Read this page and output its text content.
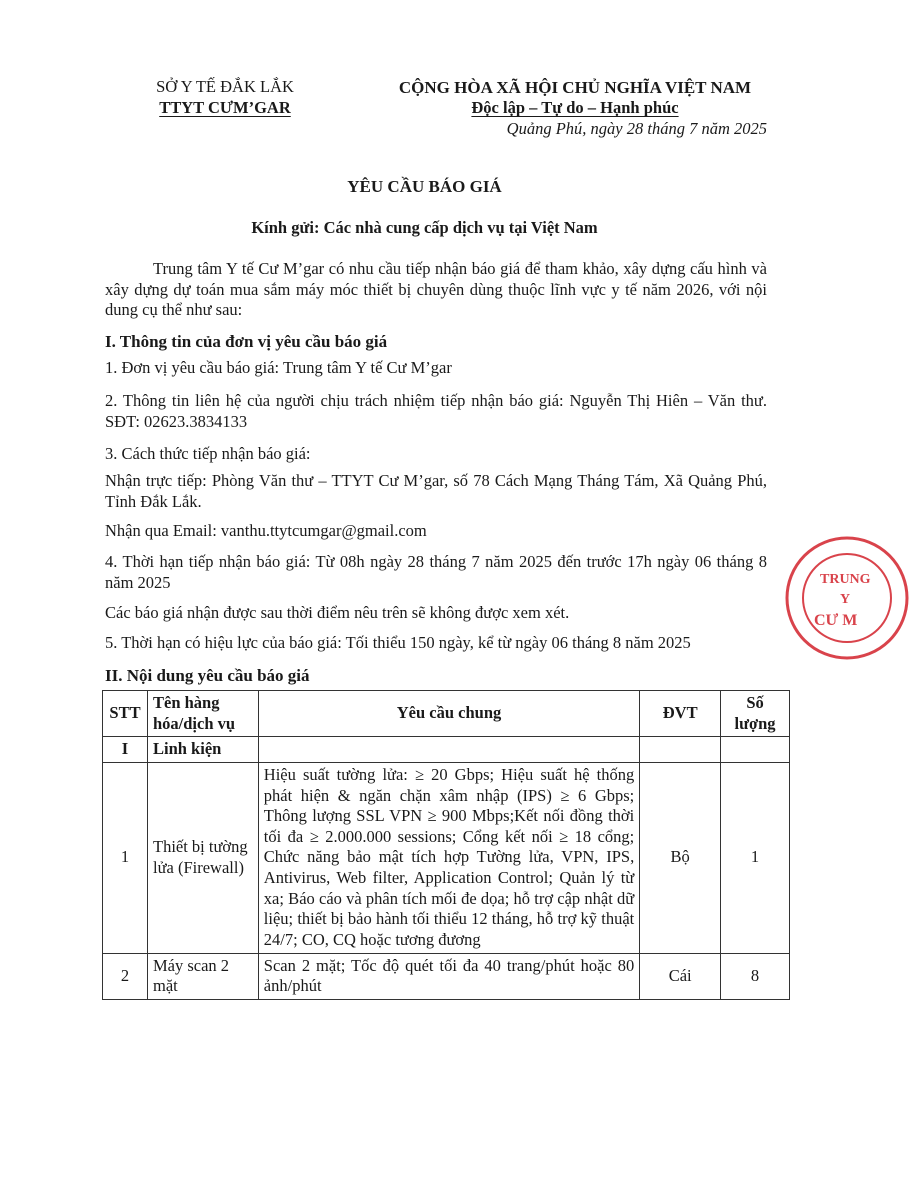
SỞ Y TẾ ĐẮK LẮK
TTYT CƯM’GAR
CỘNG HÒA XÃ HỘI CHỦ NGHĨA VIỆT NAM
Độc lập – Tự do – Hạnh phúc
Quảng Phú, ngày 28 tháng 7 năm 2025
YÊU CẦU BÁO GIÁ
Kính gửi: Các nhà cung cấp dịch vụ tại Việt Nam
Trung tâm Y tế Cư M’gar có nhu cầu tiếp nhận báo giá để tham khảo, xây dựng cấu hình và xây dựng dự toán mua sắm máy móc thiết bị chuyên dùng thuộc lĩnh vực y tế năm 2026, với nội dung cụ thể như sau:
I. Thông tin của đơn vị yêu cầu báo giá
1. Đơn vị yêu cầu báo giá: Trung tâm Y tế Cư M’gar
2. Thông tin liên hệ của người chịu trách nhiệm tiếp nhận báo giá: Nguyễn Thị Hiên – Văn thư. SĐT: 02623.3834133
3. Cách thức tiếp nhận báo giá:
Nhận trực tiếp: Phòng Văn thư – TTYT Cư M’gar, số 78 Cách Mạng Tháng Tám, Xã Quảng Phú, Tỉnh Đắk Lắk.
Nhận qua Email: vanthu.ttytcumgar@gmail.com
4. Thời hạn tiếp nhận báo giá: Từ 08h ngày 28 tháng 7 năm 2025 đến trước 17h ngày 06 tháng 8 năm 2025
Các báo giá nhận được sau thời điểm nêu trên sẽ không được xem xét.
5. Thời hạn có hiệu lực của báo giá: Tối thiểu 150 ngày, kể từ ngày 06 tháng 8 năm 2025
II. Nội dung yêu cầu báo giá
STT	Tên hàng hóa/dịch vụ	Yêu cầu chung	ĐVT	Số lượng
I	Linh kiện			
1	Thiết bị tường lửa (Firewall)	Hiệu suất tường lửa: ≥ 20 Gbps; Hiệu suất hệ thống phát hiện & ngăn chặn xâm nhập (IPS) ≥ 6 Gbps; Thông lượng SSL VPN ≥ 900 Mbps;Kết nối đồng thời tối đa ≥ 2.000.000 sessions; Cổng kết nối ≥ 18 cổng; Chức năng bảo mật tích hợp Tường lửa, VPN, IPS, Antivirus, Web filter, Application Control; Quản lý từ xa; Báo cáo và phân tích mối đe dọa; hỗ trợ cập nhật dữ liệu; thiết bị bảo hành tối thiểu 12 tháng, hỗ trợ kỹ thuật 24/7; CO, CQ hoặc tương đương	Bộ	1
2	Máy scan 2 mặt	Scan 2 mặt; Tốc độ quét tối đa 40 trang/phút hoặc 80 ảnh/phút	Cái	8
TRUNG
Y
CƯ M
